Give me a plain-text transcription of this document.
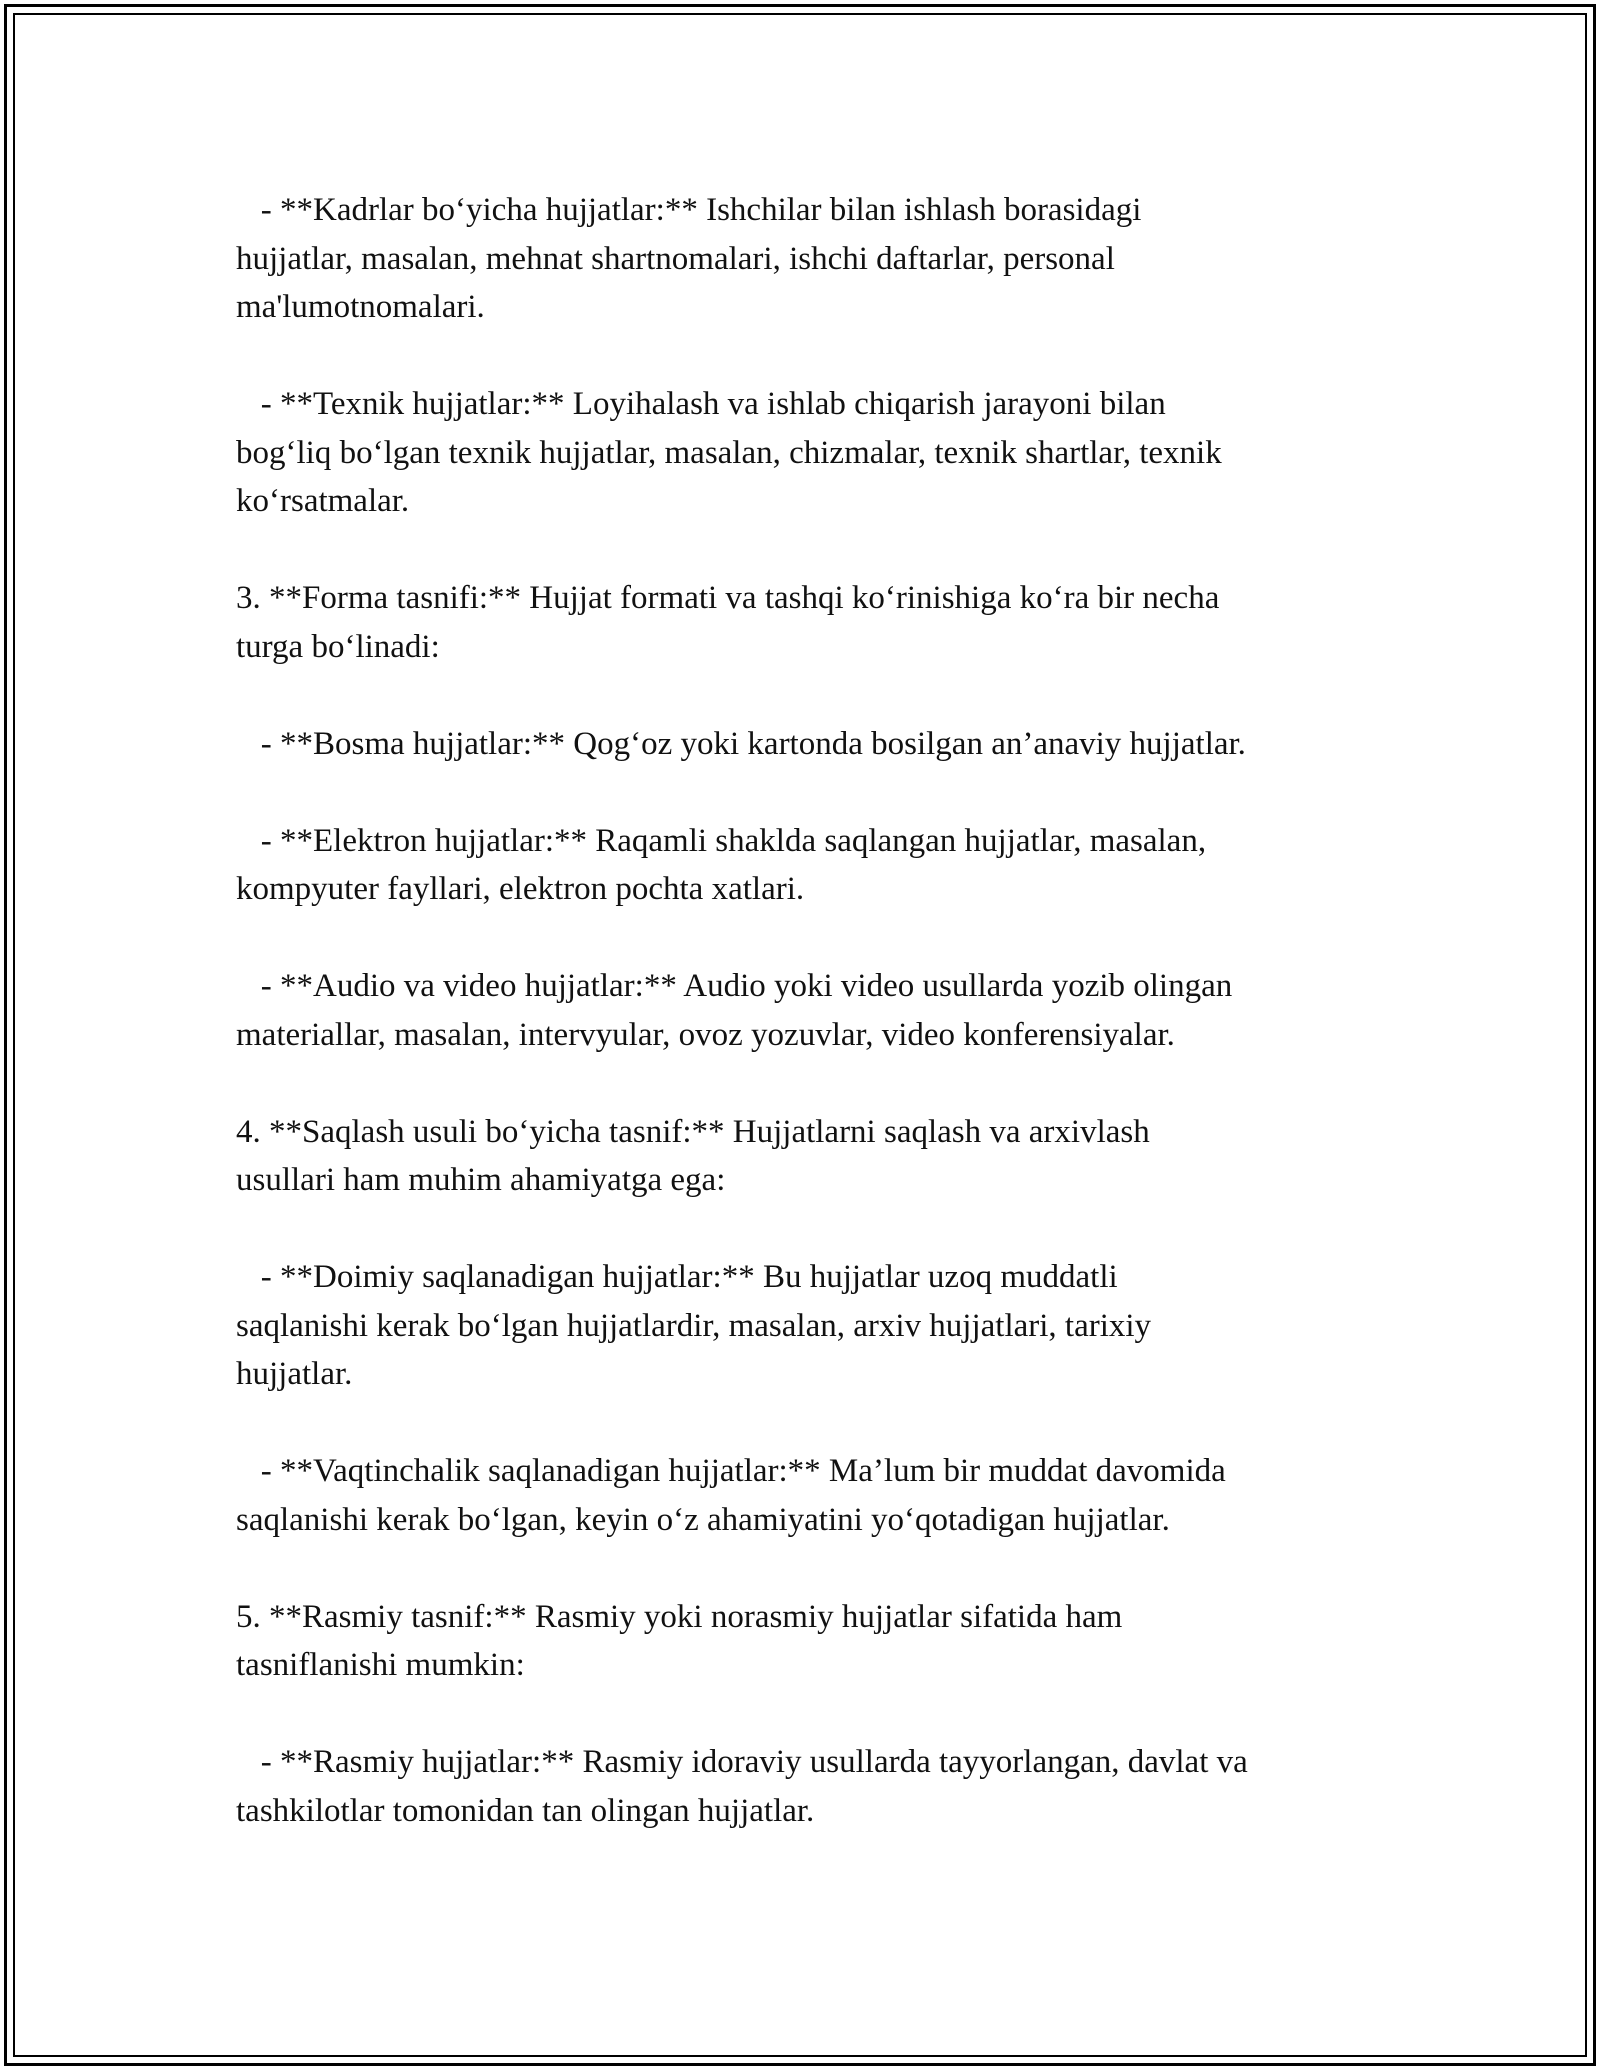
- **Kadrlar bo‘yicha hujjatlar:** Ishchilar bilan ishlash borasidagi
hujjatlar, masalan, mehnat shartnomalari, ishchi daftarlar, personal
ma'lumotnomalari.

- **Texnik hujjatlar:** Loyihalash va ishlab chiqarish jarayoni bilan
bog‘liq bo‘lgan texnik hujjatlar, masalan, chizmalar, texnik shartlar, texnik
ko‘rsatmalar.

3. **Forma tasnifi:** Hujjat formati va tashqi ko‘rinishiga ko‘ra bir necha
turga bo‘linadi:

- **Bosma hujjatlar:** Qog‘oz yoki kartonda bosilgan an’anaviy hujjatlar.

- **Elektron hujjatlar:** Raqamli shaklda saqlangan hujjatlar, masalan,
kompyuter fayllari, elektron pochta xatlari.

- **Audio va video hujjatlar:** Audio yoki video usullarda yozib olingan
materiallar, masalan, intervyular, ovoz yozuvlar, video konferensiyalar.

4. **Saqlash usuli bo‘yicha tasnif:** Hujjatlarni saqlash va arxivlash
usullari ham muhim ahamiyatga ega:

- **Doimiy saqlanadigan hujjatlar:** Bu hujjatlar uzoq muddatli
saqlanishi kerak bo‘lgan hujjatlardir, masalan, arxiv hujjatlari, tarixiy
hujjatlar.

- **Vaqtinchalik saqlanadigan hujjatlar:** Ma’lum bir muddat davomida
saqlanishi kerak bo‘lgan, keyin o‘z ahamiyatini yo‘qotadigan hujjatlar.

5. **Rasmiy tasnif:** Rasmiy yoki norasmiy hujjatlar sifatida ham
tasniflanishi mumkin:

- **Rasmiy hujjatlar:** Rasmiy idoraviy usullarda tayyorlangan, davlat va
tashkilotlar tomonidan tan olingan hujjatlar.
